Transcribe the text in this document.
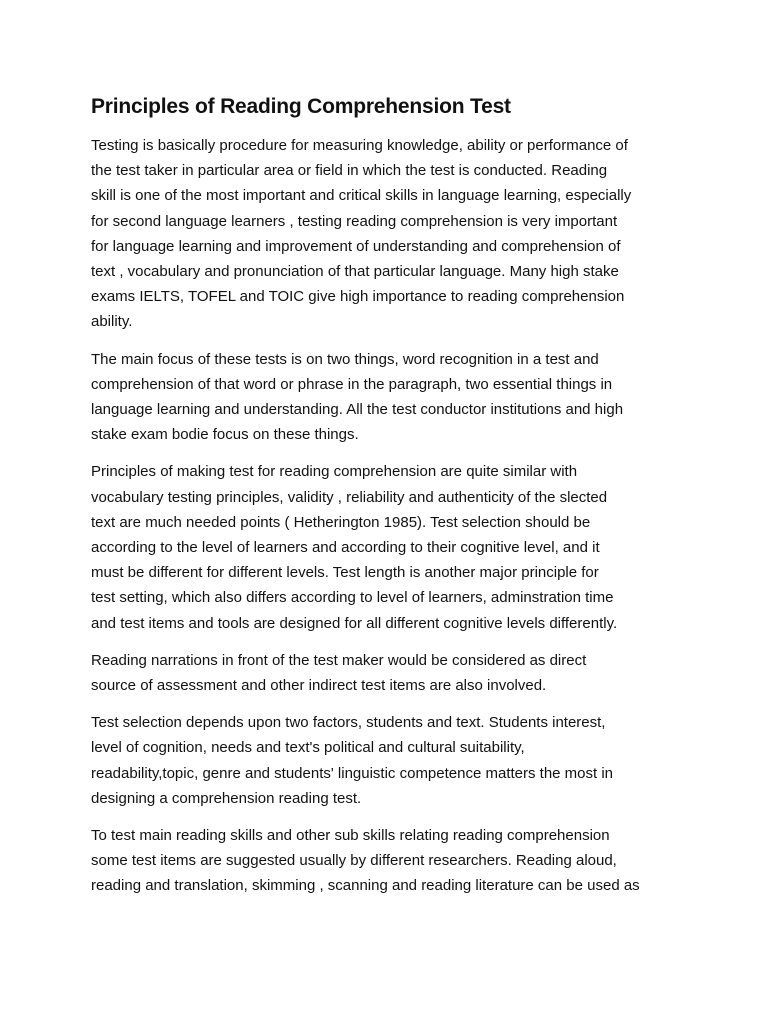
Principles of Reading Comprehension Test

Testing is basically procedure for measuring knowledge, ability or performance of
the test taker in particular area or field in which the test is conducted. Reading
skill is one of the most important and critical skills in language learning, especially
for second language learners , testing reading comprehension is very important
for language learning and improvement of understanding and comprehension of
text , vocabulary and pronunciation of that particular language. Many high stake
exams IELTS, TOFEL and TOIC give high importance to reading comprehension
ability.

The main focus of these tests is on two things, word recognition in a test and
comprehension of that word or phrase in the paragraph, two essential things in
language learning and understanding. All the test conductor institutions and high
stake exam bodie focus on these things.

Principles of making test for reading comprehension are quite similar with
vocabulary testing principles, validity , reliability and authenticity of the slected
text are much needed points ( Hetherington 1985). Test selection should be
according to the level of learners and according to their cognitive level, and it
must be different for different levels. Test length is another major principle for
test setting, which also differs according to level of learners, adminstration time
and test items and tools are designed for all different cognitive levels differently.

Reading narrations in front of the test maker would be considered as direct
source of assessment and other indirect test items are also involved.

Test selection depends upon two factors, students and text. Students interest,
level of cognition, needs and text's political and cultural suitability,
readability,topic, genre and students' linguistic competence matters the most in
designing a comprehension reading test.

To test main reading skills and other sub skills relating reading comprehension
some test items are suggested usually by different researchers. Reading aloud,
reading and translation, skimming , scanning and reading literature can be used as
